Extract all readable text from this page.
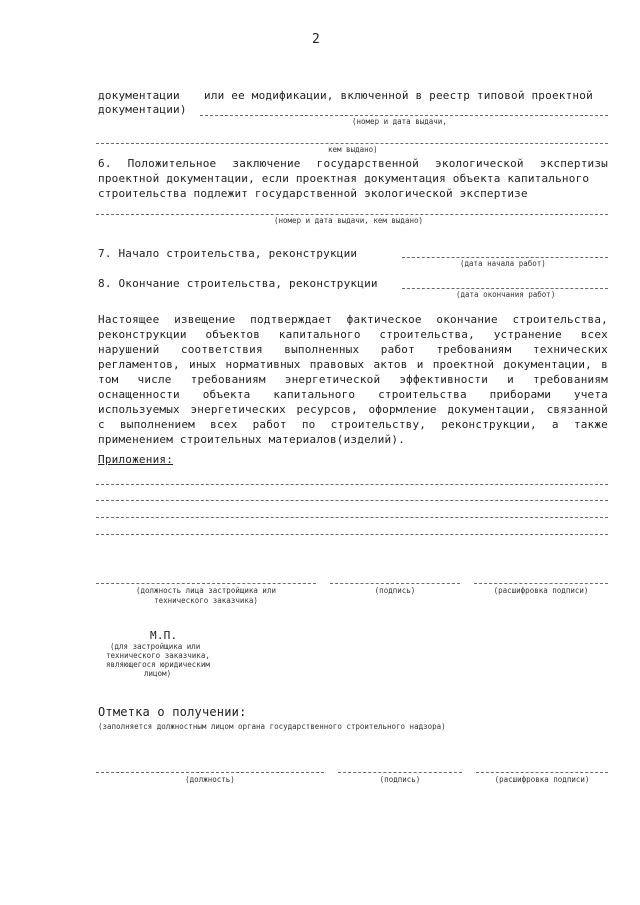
2
документации или ее модификации, включенной в реестр типовой проектной
документации)
(номер и дата выдачи,
кем выдано)
6. Положительное заключение государственной экологической экспертизы
проектной документации, если проектная документация объекта капитального
строительства подлежит государственной экологической экспертизе
(номер и дата выдачи, кем выдано)
7. Начало строительства, реконструкции
(дата начала работ)
8. Окончание строительства, реконструкции
(дата окончания работ)
Настоящее извещение подтверждает фактическое окончание строительства,
реконструкции объектов капитального строительства, устранение всех
нарушений соответствия выполненных работ требованиям технических
регламентов, иных нормативных правовых актов и проектной документации, в
том числе требованиям энергетической эффективности и требованиям
оснащенности объекта капитального строительства приборами учета
используемых энергетических ресурсов, оформление документации, связанной
с выполнением всех работ по строительству, реконструкции, а также
применением строительных материалов(изделий).
Приложения:
(должность лица застройщика или
технического заказчика)
(подпись)	(расшифровка подписи)
М.П.
(для застройщика или
технического заказчика,
являющегося юридическим
лицом)
Отметка о получении:
(заполняется должностным лицом органа государственного строительного надзора)
(должность)	(подпись)	(расшифровка подписи)
